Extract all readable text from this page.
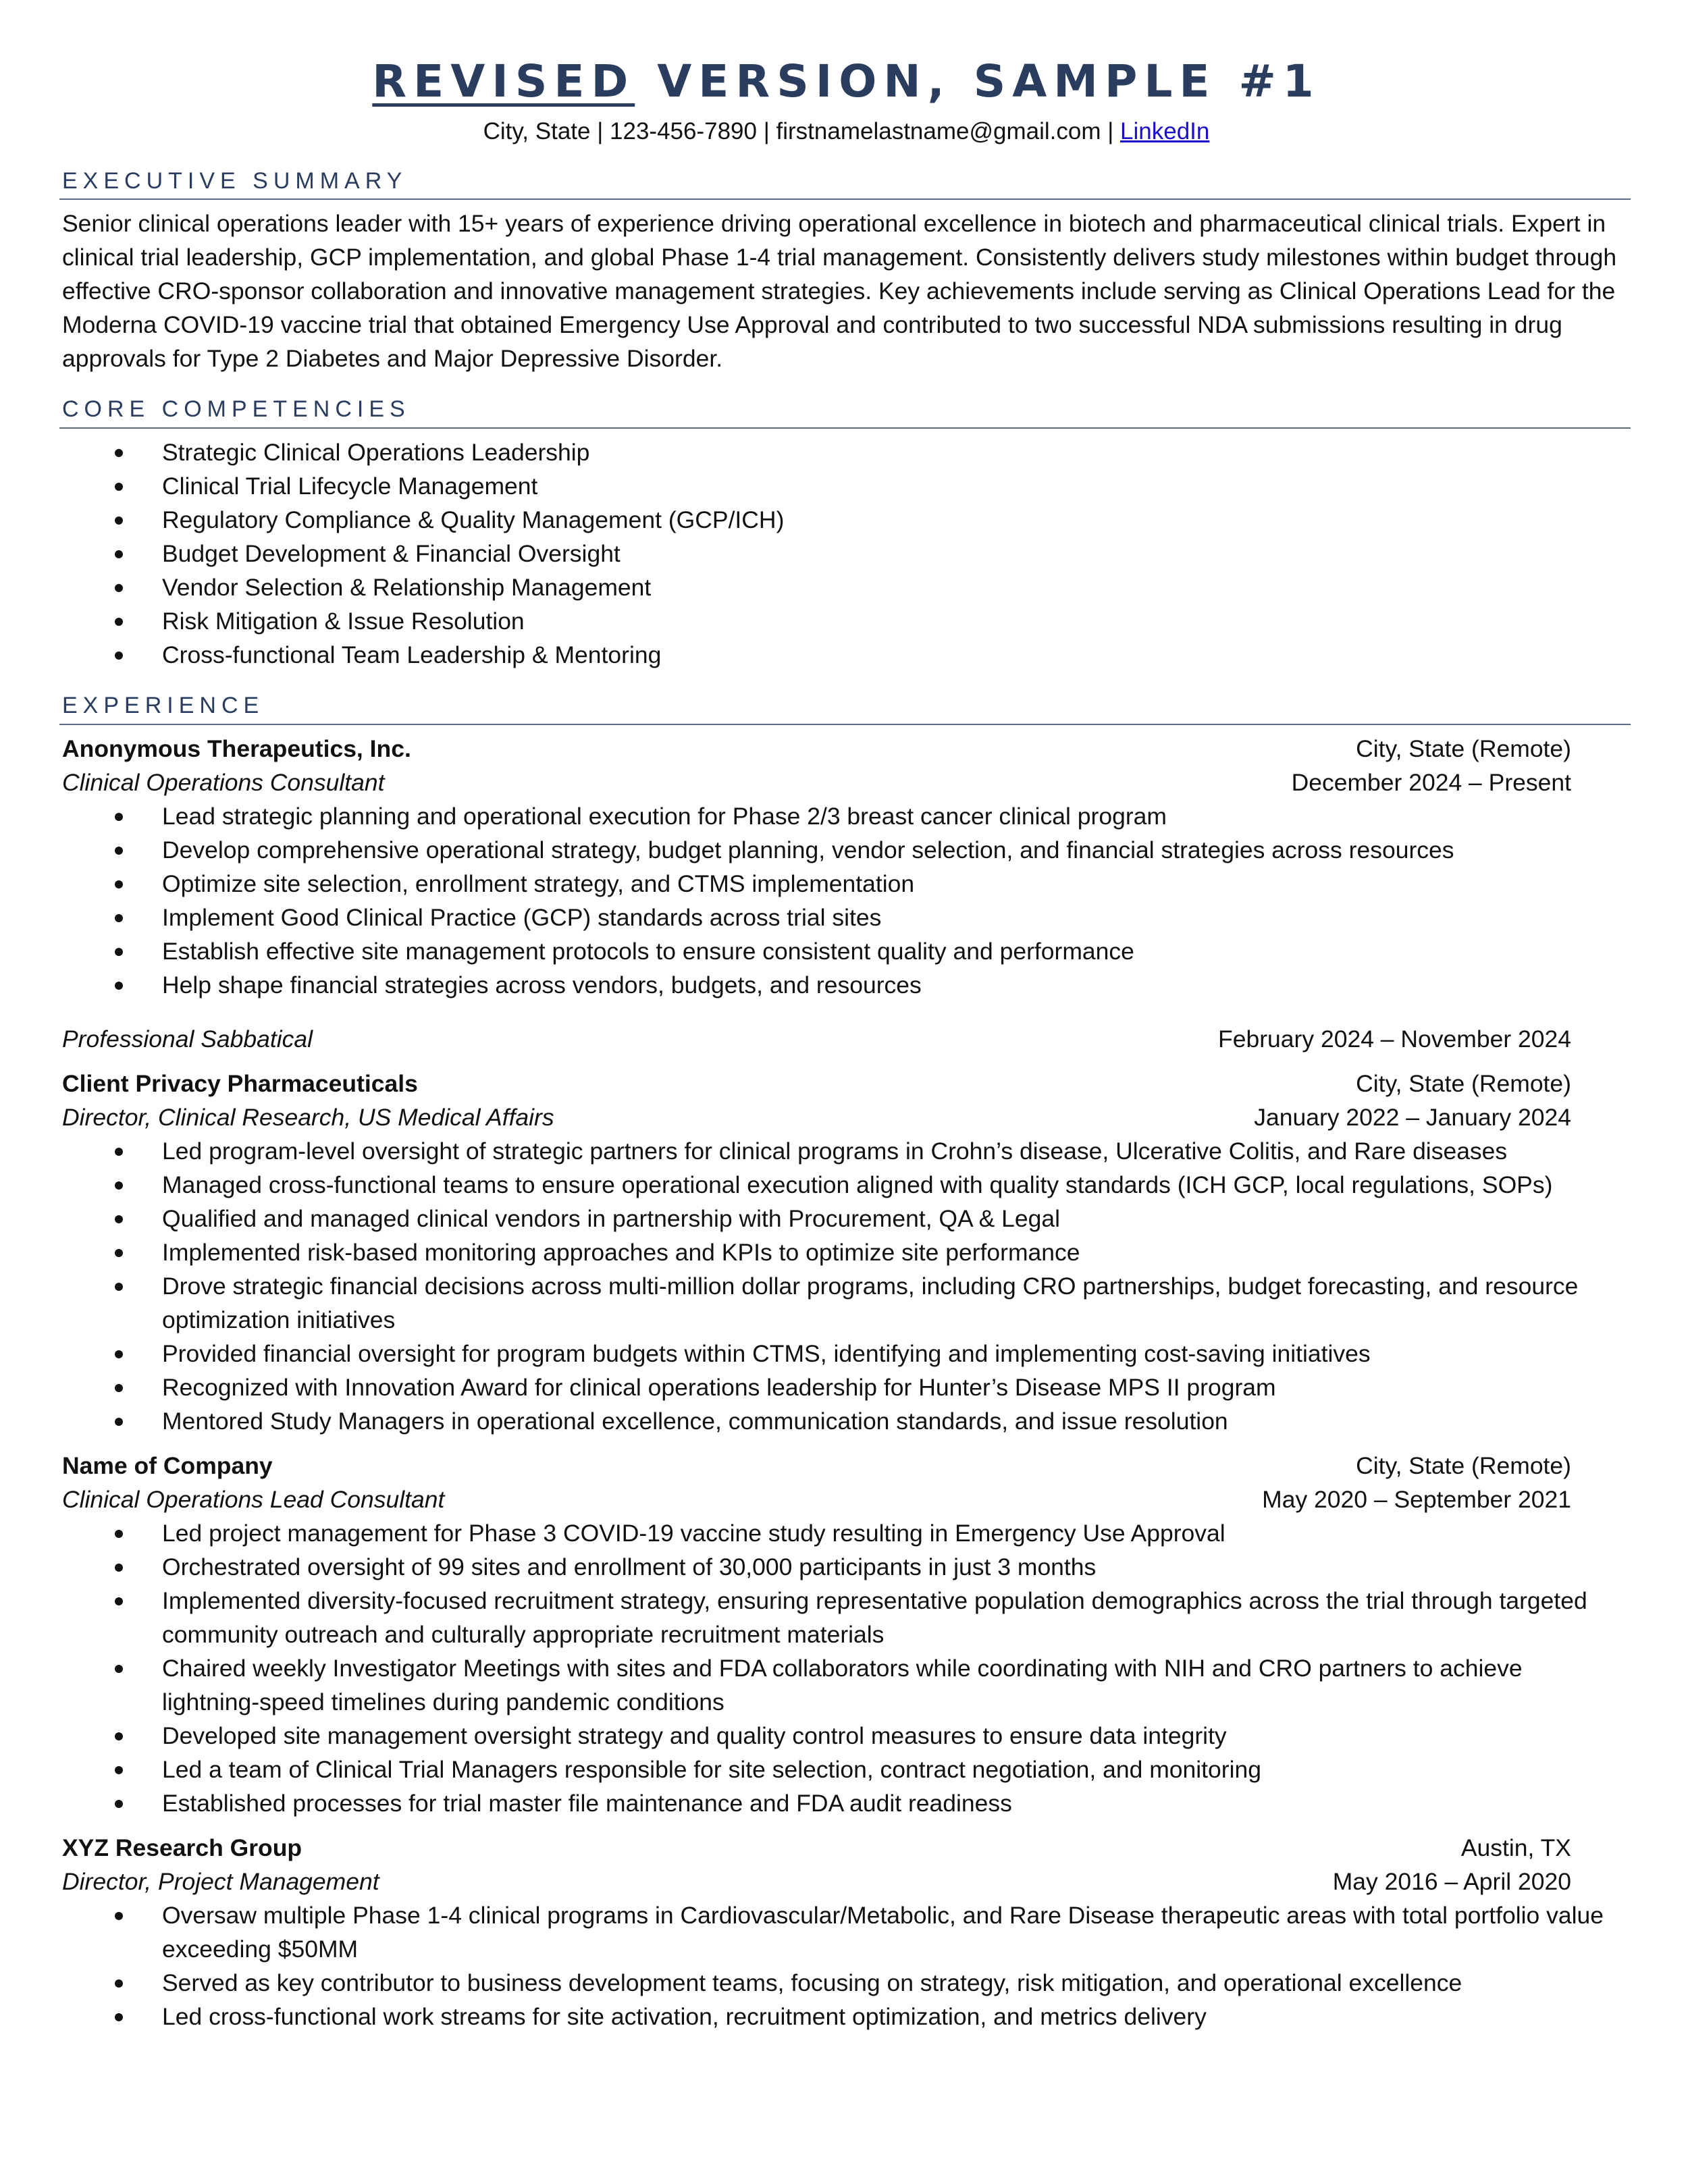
REVISED VERSION, SAMPLE #1
City, State | 123-456-7890 | firstnamelastname@gmail.com | LinkedIn
EXECUTIVE SUMMARY
Senior clinical operations leader with 15+ years of experience driving operational excellence in biotech and pharmaceutical clinical trials. Expert in clinical trial leadership, GCP implementation, and global Phase 1-4 trial management. Consistently delivers study milestones within budget through effective CRO-sponsor collaboration and innovative management strategies. Key achievements include serving as Clinical Operations Lead for the Moderna COVID-19 vaccine trial that obtained Emergency Use Approval and contributed to two successful NDA submissions resulting in drug approvals for Type 2 Diabetes and Major Depressive Disorder.
CORE COMPETENCIES
Strategic Clinical Operations Leadership
Clinical Trial Lifecycle Management
Regulatory Compliance & Quality Management (GCP/ICH)
Budget Development & Financial Oversight
Vendor Selection & Relationship Management
Risk Mitigation & Issue Resolution
Cross-functional Team Leadership & Mentoring
EXPERIENCE
Anonymous Therapeutics, Inc.	City, State (Remote)
Clinical Operations Consultant	December 2024 – Present
Lead strategic planning and operational execution for Phase 2/3 breast cancer clinical program
Develop comprehensive operational strategy, budget planning, vendor selection, and financial strategies across resources
Optimize site selection, enrollment strategy, and CTMS implementation
Implement Good Clinical Practice (GCP) standards across trial sites
Establish effective site management protocols to ensure consistent quality and performance
Help shape financial strategies across vendors, budgets, and resources
Professional Sabbatical	February 2024 – November 2024
Client Privacy Pharmaceuticals	City, State (Remote)
Director, Clinical Research, US Medical Affairs	January 2022 – January 2024
Led program-level oversight of strategic partners for clinical programs in Crohn’s disease, Ulcerative Colitis, and Rare diseases
Managed cross-functional teams to ensure operational execution aligned with quality standards (ICH GCP, local regulations, SOPs)
Qualified and managed clinical vendors in partnership with Procurement, QA & Legal
Implemented risk-based monitoring approaches and KPIs to optimize site performance
Drove strategic financial decisions across multi-million dollar programs, including CRO partnerships, budget forecasting, and resource optimization initiatives
Provided financial oversight for program budgets within CTMS, identifying and implementing cost-saving initiatives
Recognized with Innovation Award for clinical operations leadership for Hunter’s Disease MPS II program
Mentored Study Managers in operational excellence, communication standards, and issue resolution
Name of Company	City, State (Remote)
Clinical Operations Lead Consultant	May 2020 – September 2021
Led project management for Phase 3 COVID-19 vaccine study resulting in Emergency Use Approval
Orchestrated oversight of 99 sites and enrollment of 30,000 participants in just 3 months
Implemented diversity-focused recruitment strategy, ensuring representative population demographics across the trial through targeted community outreach and culturally appropriate recruitment materials
Chaired weekly Investigator Meetings with sites and FDA collaborators while coordinating with NIH and CRO partners to achieve lightning-speed timelines during pandemic conditions
Developed site management oversight strategy and quality control measures to ensure data integrity
Led a team of Clinical Trial Managers responsible for site selection, contract negotiation, and monitoring
Established processes for trial master file maintenance and FDA audit readiness
XYZ Research Group	Austin, TX
Director, Project Management	May 2016 – April 2020
Oversaw multiple Phase 1-4 clinical programs in Cardiovascular/Metabolic, and Rare Disease therapeutic areas with total portfolio value exceeding $50MM
Served as key contributor to business development teams, focusing on strategy, risk mitigation, and operational excellence
Led cross-functional work streams for site activation, recruitment optimization, and metrics delivery
